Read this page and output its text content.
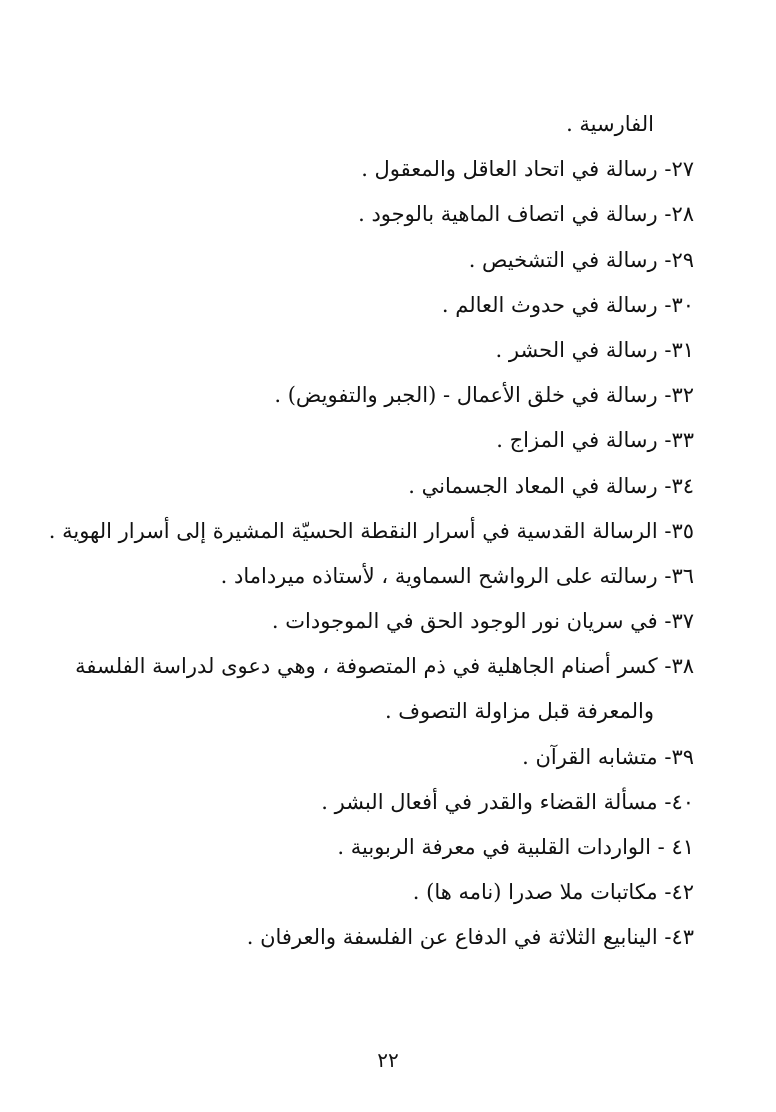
الفارسية .
٢٧- رسالة في اتحاد العاقل والمعقول .
٢٨- رسالة في اتصاف الماهية بالوجود .
٢٩- رسالة في التشخيص .
٣٠- رسالة في حدوث العالم .
٣١- رسالة في الحشر .
٣٢- رسالة في خلق الأعمال - (الجبر والتفويض) .
٣٣- رسالة في المزاج .
٣٤- رسالة في المعاد الجسماني .
٣٥- الرسالة القدسية في أسرار النقطة الحسيّة المشيرة إلى أسرار الهوية .
٣٦- رسالته على الرواشح السماوية ، لأستاذه ميرداماد .
٣٧- في سريان نور الوجود الحق في الموجودات .
٣٨- كسر أصنام الجاهلية في ذم المتصوفة ، وهي دعوى لدراسة الفلسفة
والمعرفة قبل مزاولة التصوف .
٣٩- متشابه القرآن .
٤٠- مسألة القضاء والقدر في أفعال البشر .
٤١ - الواردات القلبية في معرفة الربوبية .
٤٢- مكاتبات ملا صدرا (نامه ها) .
٤٣- الينابيع الثلاثة في الدفاع عن الفلسفة والعرفان .
٢٢
